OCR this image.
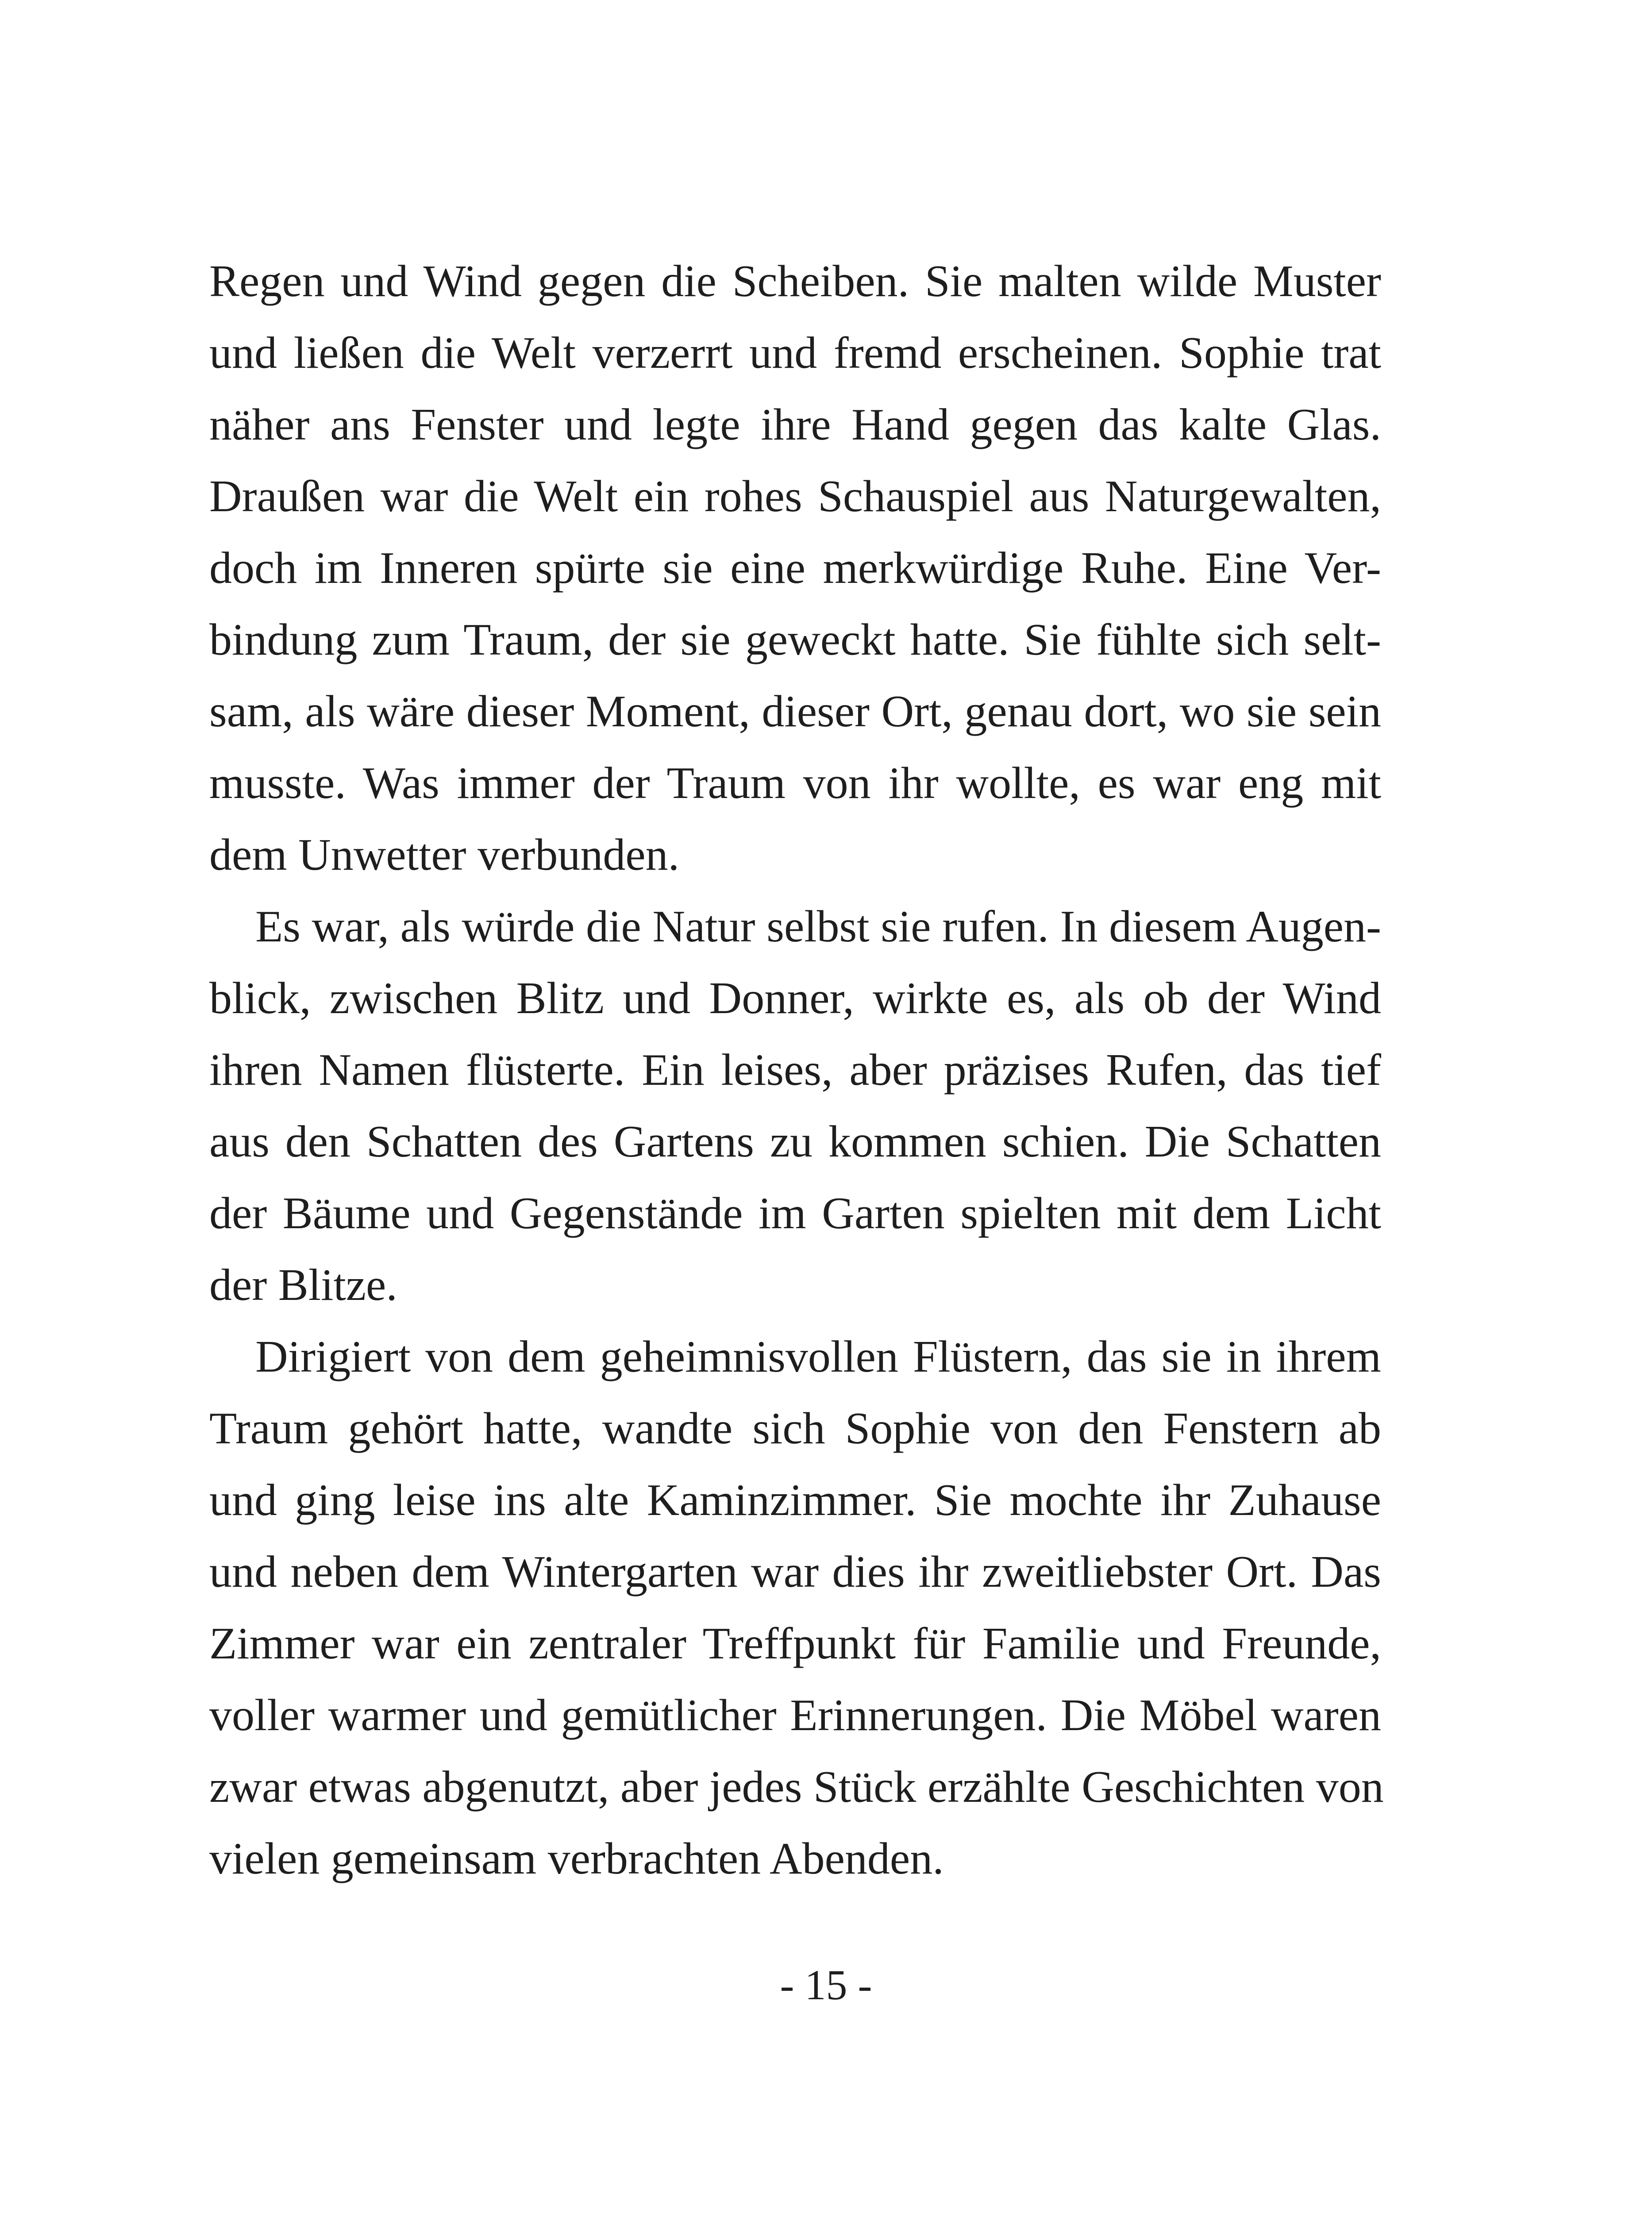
Regen und Wind gegen die Scheiben. Sie malten wilde Muster
und ließen die Welt verzerrt und fremd erscheinen. Sophie trat
näher ans Fenster und legte ihre Hand gegen das kalte Glas.
Draußen war die Welt ein rohes Schauspiel aus Naturgewalten,
doch im Inneren spürte sie eine merkwürdige Ruhe. Eine Ver-
bindung zum Traum, der sie geweckt hatte. Sie fühlte sich selt-
sam, als wäre dieser Moment, dieser Ort, genau dort, wo sie sein
musste. Was immer der Traum von ihr wollte, es war eng mit
dem Unwetter verbunden.
Es war, als würde die Natur selbst sie rufen. In diesem Augen-
blick, zwischen Blitz und Donner, wirkte es, als ob der Wind
ihren Namen flüsterte. Ein leises, aber präzises Rufen, das tief
aus den Schatten des Gartens zu kommen schien. Die Schatten
der Bäume und Gegenstände im Garten spielten mit dem Licht
der Blitze.
Dirigiert von dem geheimnisvollen Flüstern, das sie in ihrem
Traum gehört hatte, wandte sich Sophie von den Fenstern ab
und ging leise ins alte Kaminzimmer. Sie mochte ihr Zuhause
und neben dem Wintergarten war dies ihr zweitliebster Ort. Das
Zimmer war ein zentraler Treffpunkt für Familie und Freunde,
voller warmer und gemütlicher Erinnerungen. Die Möbel waren
zwar etwas abgenutzt, aber jedes Stück erzählte Geschichten von
vielen gemeinsam verbrachten Abenden.
- 15 -
